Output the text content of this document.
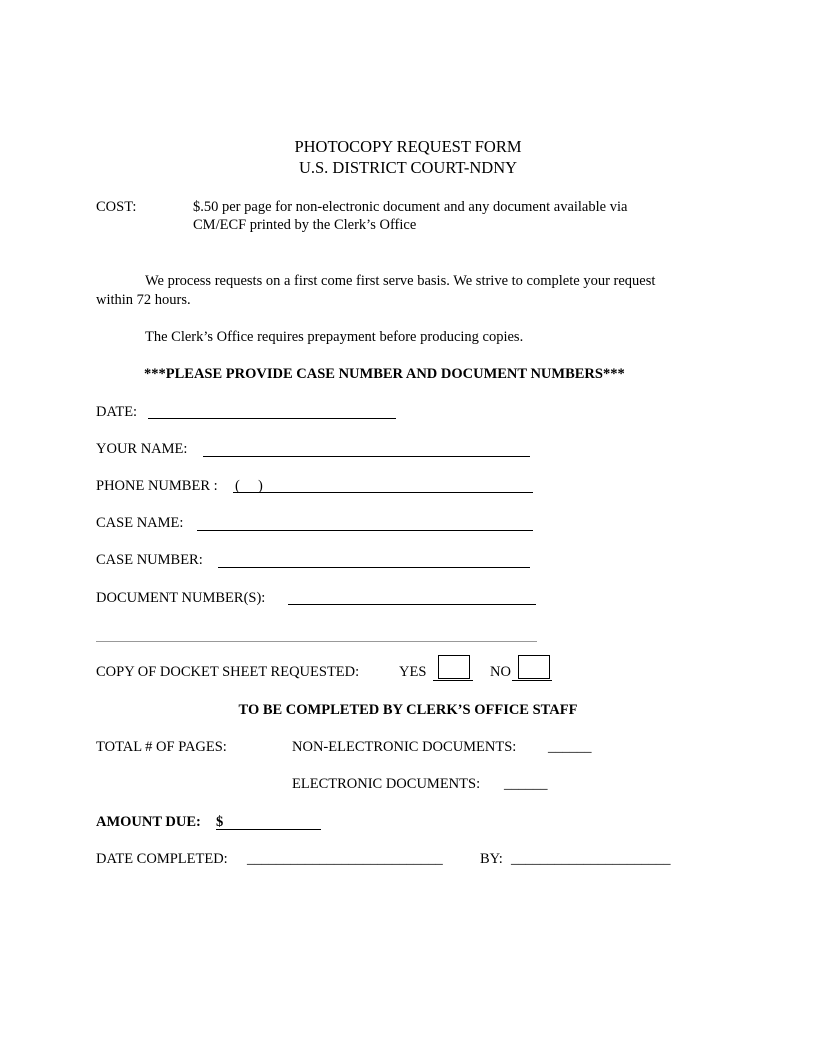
PHOTOCOPY REQUEST FORM
U.S. DISTRICT COURT-NDNY
COST:	$.50 per page for non-electronic document and any document available via
CM/ECF printed by the Clerk’s Office
We process requests on a first come first serve basis. We strive to complete your request
within 72 hours.
The Clerk’s Office requires prepayment before producing copies.
***PLEASE PROVIDE CASE NUMBER AND DOCUMENT NUMBERS***
DATE:
YOUR NAME:
PHONE NUMBER : (     )
CASE NAME:
CASE NUMBER:
DOCUMENT NUMBER(S):
COPY OF DOCKET SHEET REQUESTED:	YES	NO
TO BE COMPLETED BY CLERK’S OFFICE STAFF
TOTAL # OF PAGES:	NON-ELECTRONIC DOCUMENTS: ______
ELECTRONIC DOCUMENTS: ______
AMOUNT DUE: $
DATE COMPLETED: ___________________________	BY: ______________________
